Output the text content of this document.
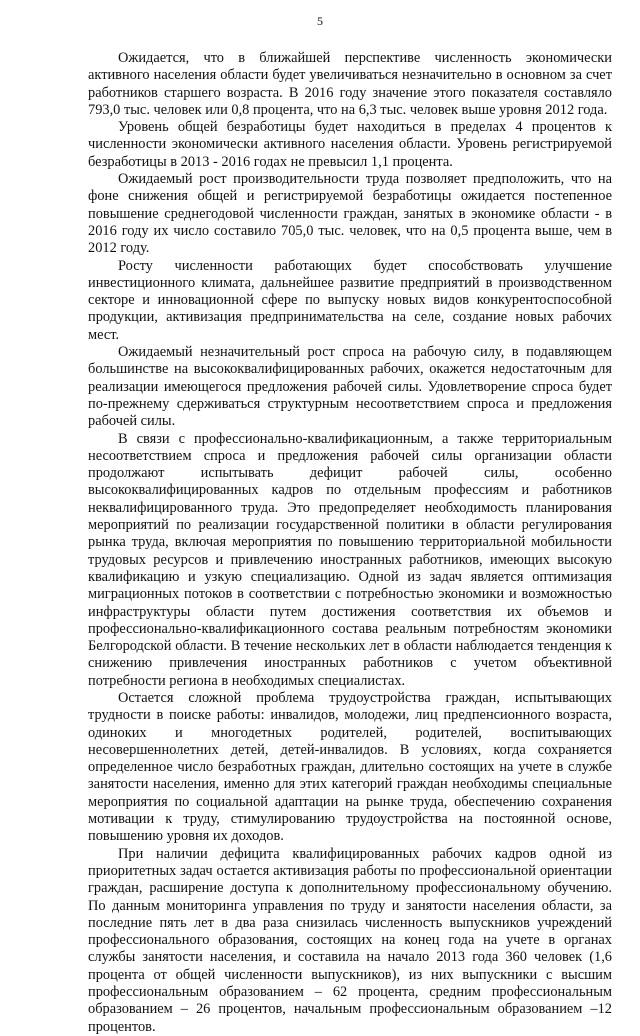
5

Ожидается, что в ближайшей перспективе численность экономически активного населения области будет увеличиваться незначительно в основном за счет работников старшего возраста. В 2016 году значение этого показателя составляло 793,0 тыс. человек или 0,8 процента, что на 6,3 тыс. человек выше уровня 2012 года.

Уровень общей безработицы будет находиться в пределах 4 процентов к численности экономически активного населения области. Уровень регистрируемой безработицы в 2013 - 2016 годах не превысил 1,1 процента.

Ожидаемый рост производительности труда позволяет предположить, что на фоне снижения общей и регистрируемой безработицы ожидается постепенное повышение среднегодовой численности граждан, занятых в экономике области - в 2016 году их число составило 705,0 тыс. человек, что на 0,5 процента выше, чем в 2012 году.

Росту численности работающих будет способствовать улучшение инвестиционного климата, дальнейшее развитие предприятий в производственном секторе и инновационной сфере по выпуску новых видов конкурентоспособной продукции, активизация предпринимательства на селе, создание новых рабочих мест.

Ожидаемый незначительный рост спроса на рабочую силу, в подавляющем большинстве на высококвалифицированных рабочих, окажется недостаточным для реализации имеющегося предложения рабочей силы. Удовлетворение спроса будет по-прежнему сдерживаться структурным несоответствием спроса и предложения рабочей силы.

В связи с профессионально-квалификационным, а также территориальным несоответствием спроса и предложения рабочей силы организации области продолжают испытывать дефицит рабочей силы, особенно высококвалифицированных кадров по отдельным профессиям и работников неквалифицированного труда. Это предопределяет необходимость планирования мероприятий по реализации государственной политики в области регулирования рынка труда, включая мероприятия по повышению территориальной мобильности трудовых ресурсов и привлечению иностранных работников, имеющих высокую квалификацию и узкую специализацию. Одной из задач является оптимизация миграционных потоков в соответствии с потребностью экономики и возможностью инфраструктуры области путем достижения соответствия их объемов и профессионально-квалификационного состава реальным потребностям экономики Белгородской области. В течение нескольких лет в области наблюдается тенденция к снижению привлечения иностранных работников с учетом объективной потребности региона в необходимых специалистах.

Остается сложной проблема трудоустройства граждан, испытывающих трудности в поиске работы: инвалидов, молодежи, лиц предпенсионного возраста, одиноких и многодетных родителей, родителей, воспитывающих несовершеннолетних детей, детей-инвалидов. В условиях, когда сохраняется определенное число безработных граждан, длительно состоящих на учете в службе занятости населения, именно для этих категорий граждан необходимы специальные мероприятия по социальной адаптации на рынке труда, обеспечению сохранения мотивации к труду, стимулированию трудоустройства на постоянной основе, повышению уровня их доходов.

При наличии дефицита квалифицированных рабочих кадров одной из приоритетных задач остается активизация работы по профессиональной ориентации граждан, расширение доступа к дополнительному профессиональному обучению. По данным мониторинга управления по труду и занятости населения области, за последние пять лет в два раза снизилась численность выпускников учреждений профессионального образования, состоящих на конец года на учете в органах службы занятости населения, и составила на начало 2013 года 360 человек (1,6 процента от общей численности выпускников), из них выпускники с высшим профессиональным образованием – 62 процента, средним профессиональным образованием – 26 процентов, начальным профессиональным образованием –12 процентов.
